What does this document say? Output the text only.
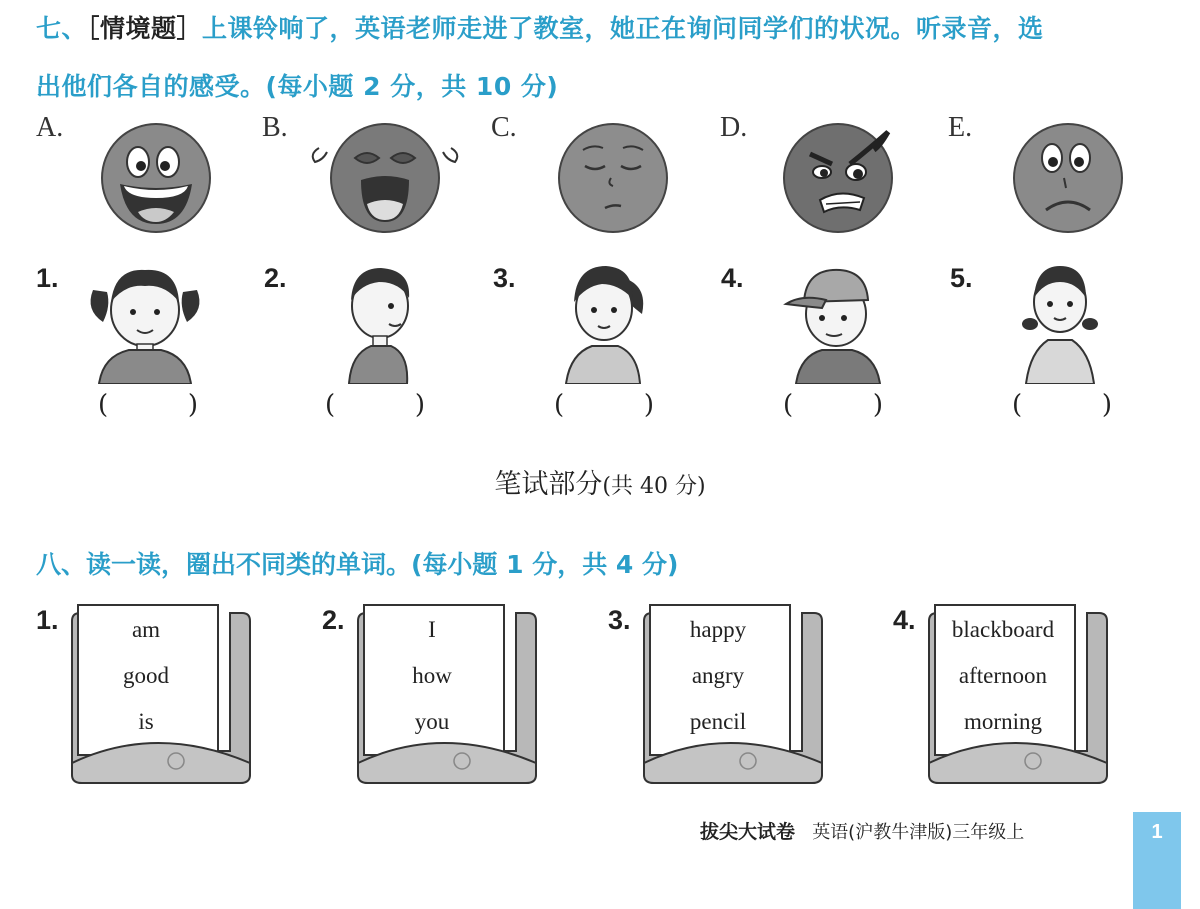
七、［情境题］上课铃响了，英语老师走进了教室，她正在询问同学们的状况。听录音，选
出他们各自的感受。(每小题 2 分，共 10 分)
A.	B.	C.	D.	E.
1.	2.	3.	4.	5.
(	)	(	)	(	)	(	)	(	)
笔试部分(共 40 分)
八、读一读，圈出不同类的单词。(每小题 1 分，共 4 分)
1.	am
good
is
2.	I
how
you
3.	happy
angry
pencil
4.	blackboard
afternoon
morning
拔尖大试卷 英语(沪教牛津版)三年级上	1
